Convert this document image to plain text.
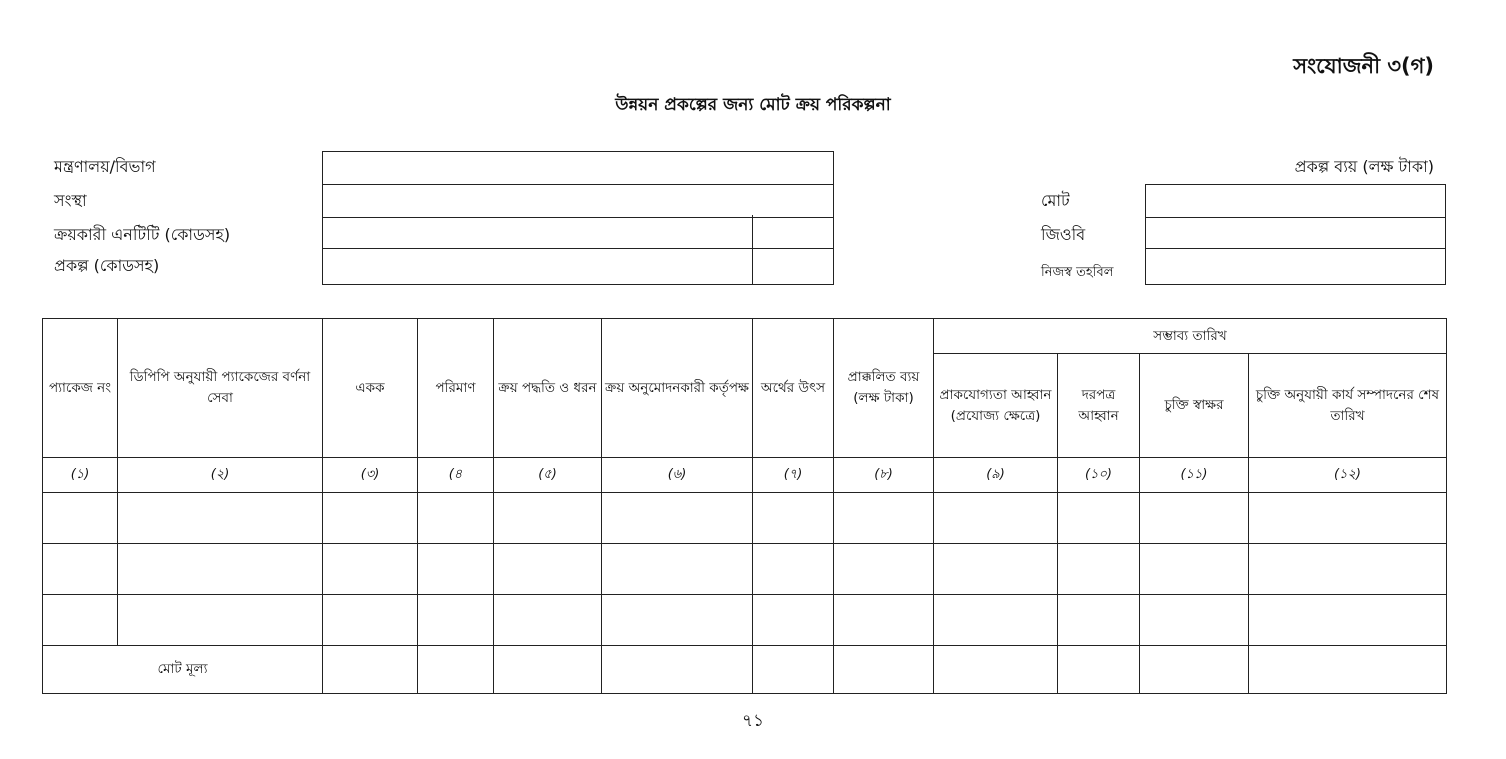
সংযোজনী ৩(গ)
উন্নয়ন প্রকল্পের জন্য মোট ক্রয় পরিকল্পনা
মন্ত্রণালয়/বিভাগ
সংস্থা
ক্রয়কারী এনটিটি (কোডসহ)
প্রকল্প (কোডসহ)
প্রকল্প ব্যয় (লক্ষ টাকা)
মোট
জিওবি
নিজস্ব তহবিল
প্যাকেজ নং	ডিপিপি অনুযায়ী প্যাকেজের বর্ণনা সেবা	একক	পরিমাণ	ক্রয় পদ্ধতি ও ধরন	ক্রয় অনুমোদনকারী কর্তৃপক্ষ	অর্থের উৎস	প্রাক্কলিত ব্যয় (লক্ষ টাকা)	সম্ভাব্য তারিখ			
								প্রাকযোগ্যতা আহ্বান (প্রযোজ্য ক্ষেত্রে)	দরপত্র আহ্বান	চুক্তি স্বাক্ষর	চুক্তি অনুযায়ী কার্য সম্পাদনের শেষ তারিখ
(১)	(২)	(৩)	(৪	(৫)	(৬)	(৭)	(৮)	(৯)	(১০)	(১১)	(১২)

মোট মূল্য											
৭১
